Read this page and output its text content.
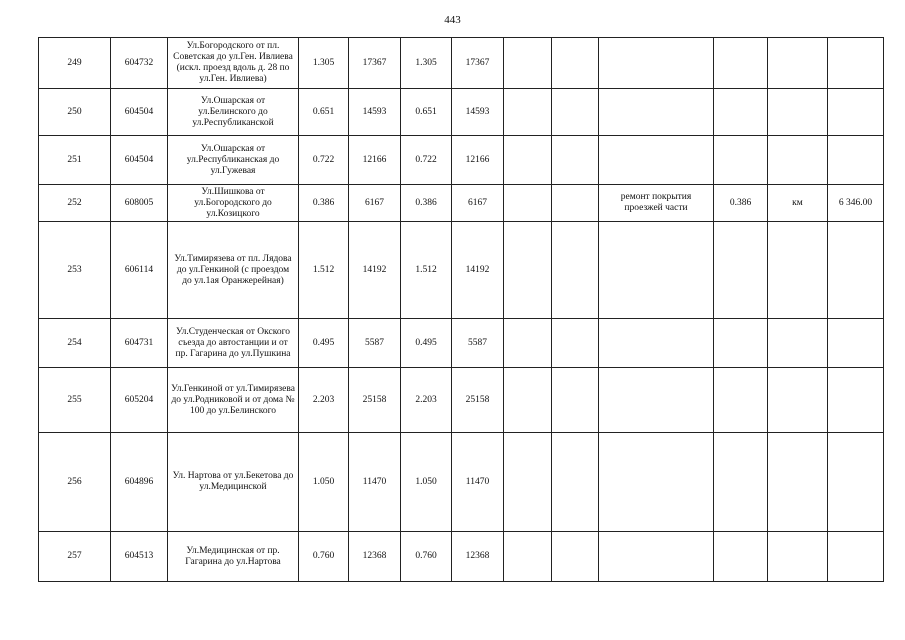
443
249	604732	Ул.Богородского от пл. Советская до ул.Ген. Ивлиева (искл. проезд вдоль д. 28 по ул.Ген. Ивлиева)	1.305	17367	1.305	17367						
250	604504	Ул.Ошарская от ул.Белинского до ул.Республиканской	0.651	14593	0.651	14593						
251	604504	Ул.Ошарская от ул.Республиканская до ул.Гужевая	0.722	12166	0.722	12166						
252	608005	Ул.Шишкова от ул.Богородского до ул.Козицкого	0.386	6167	0.386	6167			ремонт покрытия проезжей части	0.386	км	6 346.00
253	606114	Ул.Тимирязева от пл. Лядова до ул.Генкиной (с проездом до ул.1ая Оранжерейная)	1.512	14192	1.512	14192						
254	604731	Ул.Студенческая от Окского съезда до автостанции и от пр. Гагарина до ул.Пушкина	0.495	5587	0.495	5587						
255	605204	Ул.Генкиной от ул.Тимирязева до ул.Родниковой и от дома № 100 до ул.Белинского	2.203	25158	2.203	25158						
256	604896	Ул. Нартова от ул.Бекетова до ул.Медицинской	1.050	11470	1.050	11470						
257	604513	Ул.Медицинская от пр. Гагарина до ул.Нартова	0.760	12368	0.760	12368						
